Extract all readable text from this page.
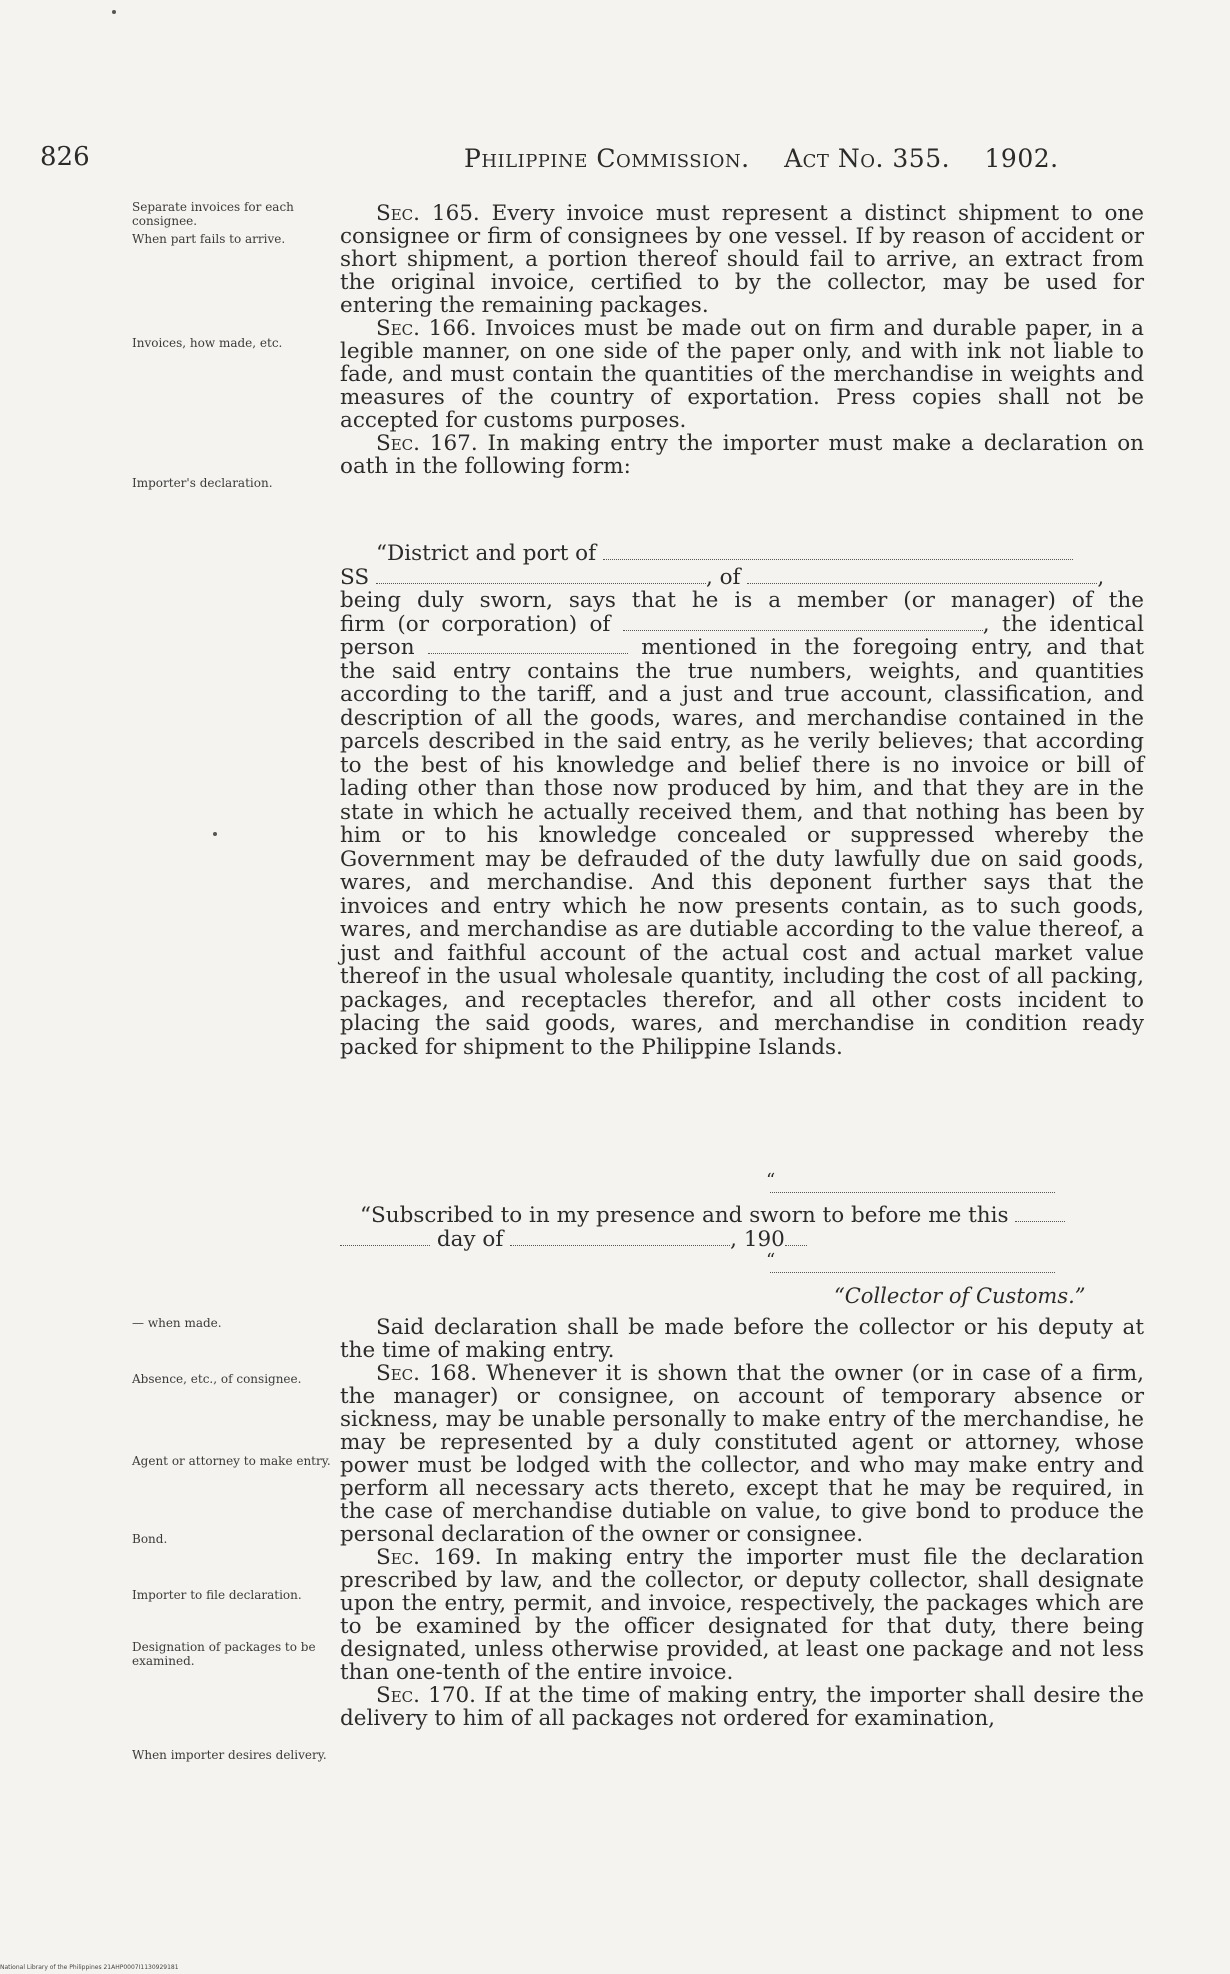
826	Philippine Commission. Act No. 355. 1902.
Separate invoices for each consignee.
When part fails to arrive.
Invoices, how made, etc.
Importer's declaration.
— when made.
Absence, etc., of consignee.
Agent or attorney to make entry.
Bond.
Importer to file declaration.
Designation of packages to be examined.
When importer desires delivery.

Sec. 165. Every invoice must represent a distinct shipment to one consignee or firm of consignees by one vessel. If by reason of accident or short shipment, a portion thereof should fail to arrive, an extract from the original invoice, certified to by the collector, may be used for entering the remaining packages.

Sec. 166. Invoices must be made out on firm and durable paper, in a legible manner, on one side of the paper only, and with ink not liable to fade, and must contain the quantities of the merchandise in weights and measures of the country of exportation. Press copies shall not be accepted for customs purposes.

Sec. 167. In making entry the importer must make a declaration on oath in the following form:

“District and port of
SS	, of	,
being duly sworn, says that he is a member (or manager) of the
firm (or corporation) of	, the identical
person	mentioned in the foregoing entry, and that
the said entry contains the true numbers, weights, and quantities according to the tariff, and a just and true account, classification, and description of all the goods, wares, and merchandise contained in the parcels described in the said entry, as he verily believes; that according to the best of his knowledge and belief there is no invoice or bill of lading other than those now produced by him, and that they are in the state in which he actually received them, and that nothing has been by him or to his knowledge concealed or suppressed whereby the Government may be defrauded of the duty lawfully due on said goods, wares, and merchandise. And this deponent further says that the invoices and entry which he now presents contain, as to such goods, wares, and merchandise as are dutiable according to the value thereof, a just and faithful account of the actual cost and actual market value thereof in the usual wholesale quantity, including the cost of all packing, packages, and receptacles therefor, and all other costs incident to placing the said goods, wares, and merchandise in condition ready packed for shipment to the Philippine Islands.
“
“Subscribed to in my presence and sworn to before me this
day of	, 190
“
“Collector of Customs.”

Said declaration shall be made before the collector or his deputy at the time of making entry.

Sec. 168. Whenever it is shown that the owner (or in case of a firm, the manager) or consignee, on account of temporary absence or sickness, may be unable personally to make entry of the merchandise, he may be represented by a duly constituted agent or attorney, whose power must be lodged with the collector, and who may make entry and perform all necessary acts thereto, except that he may be required, in the case of merchandise dutiable on value, to give bond to produce the personal declaration of the owner or consignee.

Sec. 169. In making entry the importer must file the declaration prescribed by law, and the collector, or deputy collector, shall designate upon the entry, permit, and invoice, respectively, the packages which are to be examined by the officer designated for that duty, there being designated, unless otherwise provided, at least one package and not less than one-tenth of the entire invoice.

Sec. 170. If at the time of making entry, the importer shall desire the delivery to him of all packages not ordered for examination,

National Library of the Philippines 21AHP0007I1130929181
